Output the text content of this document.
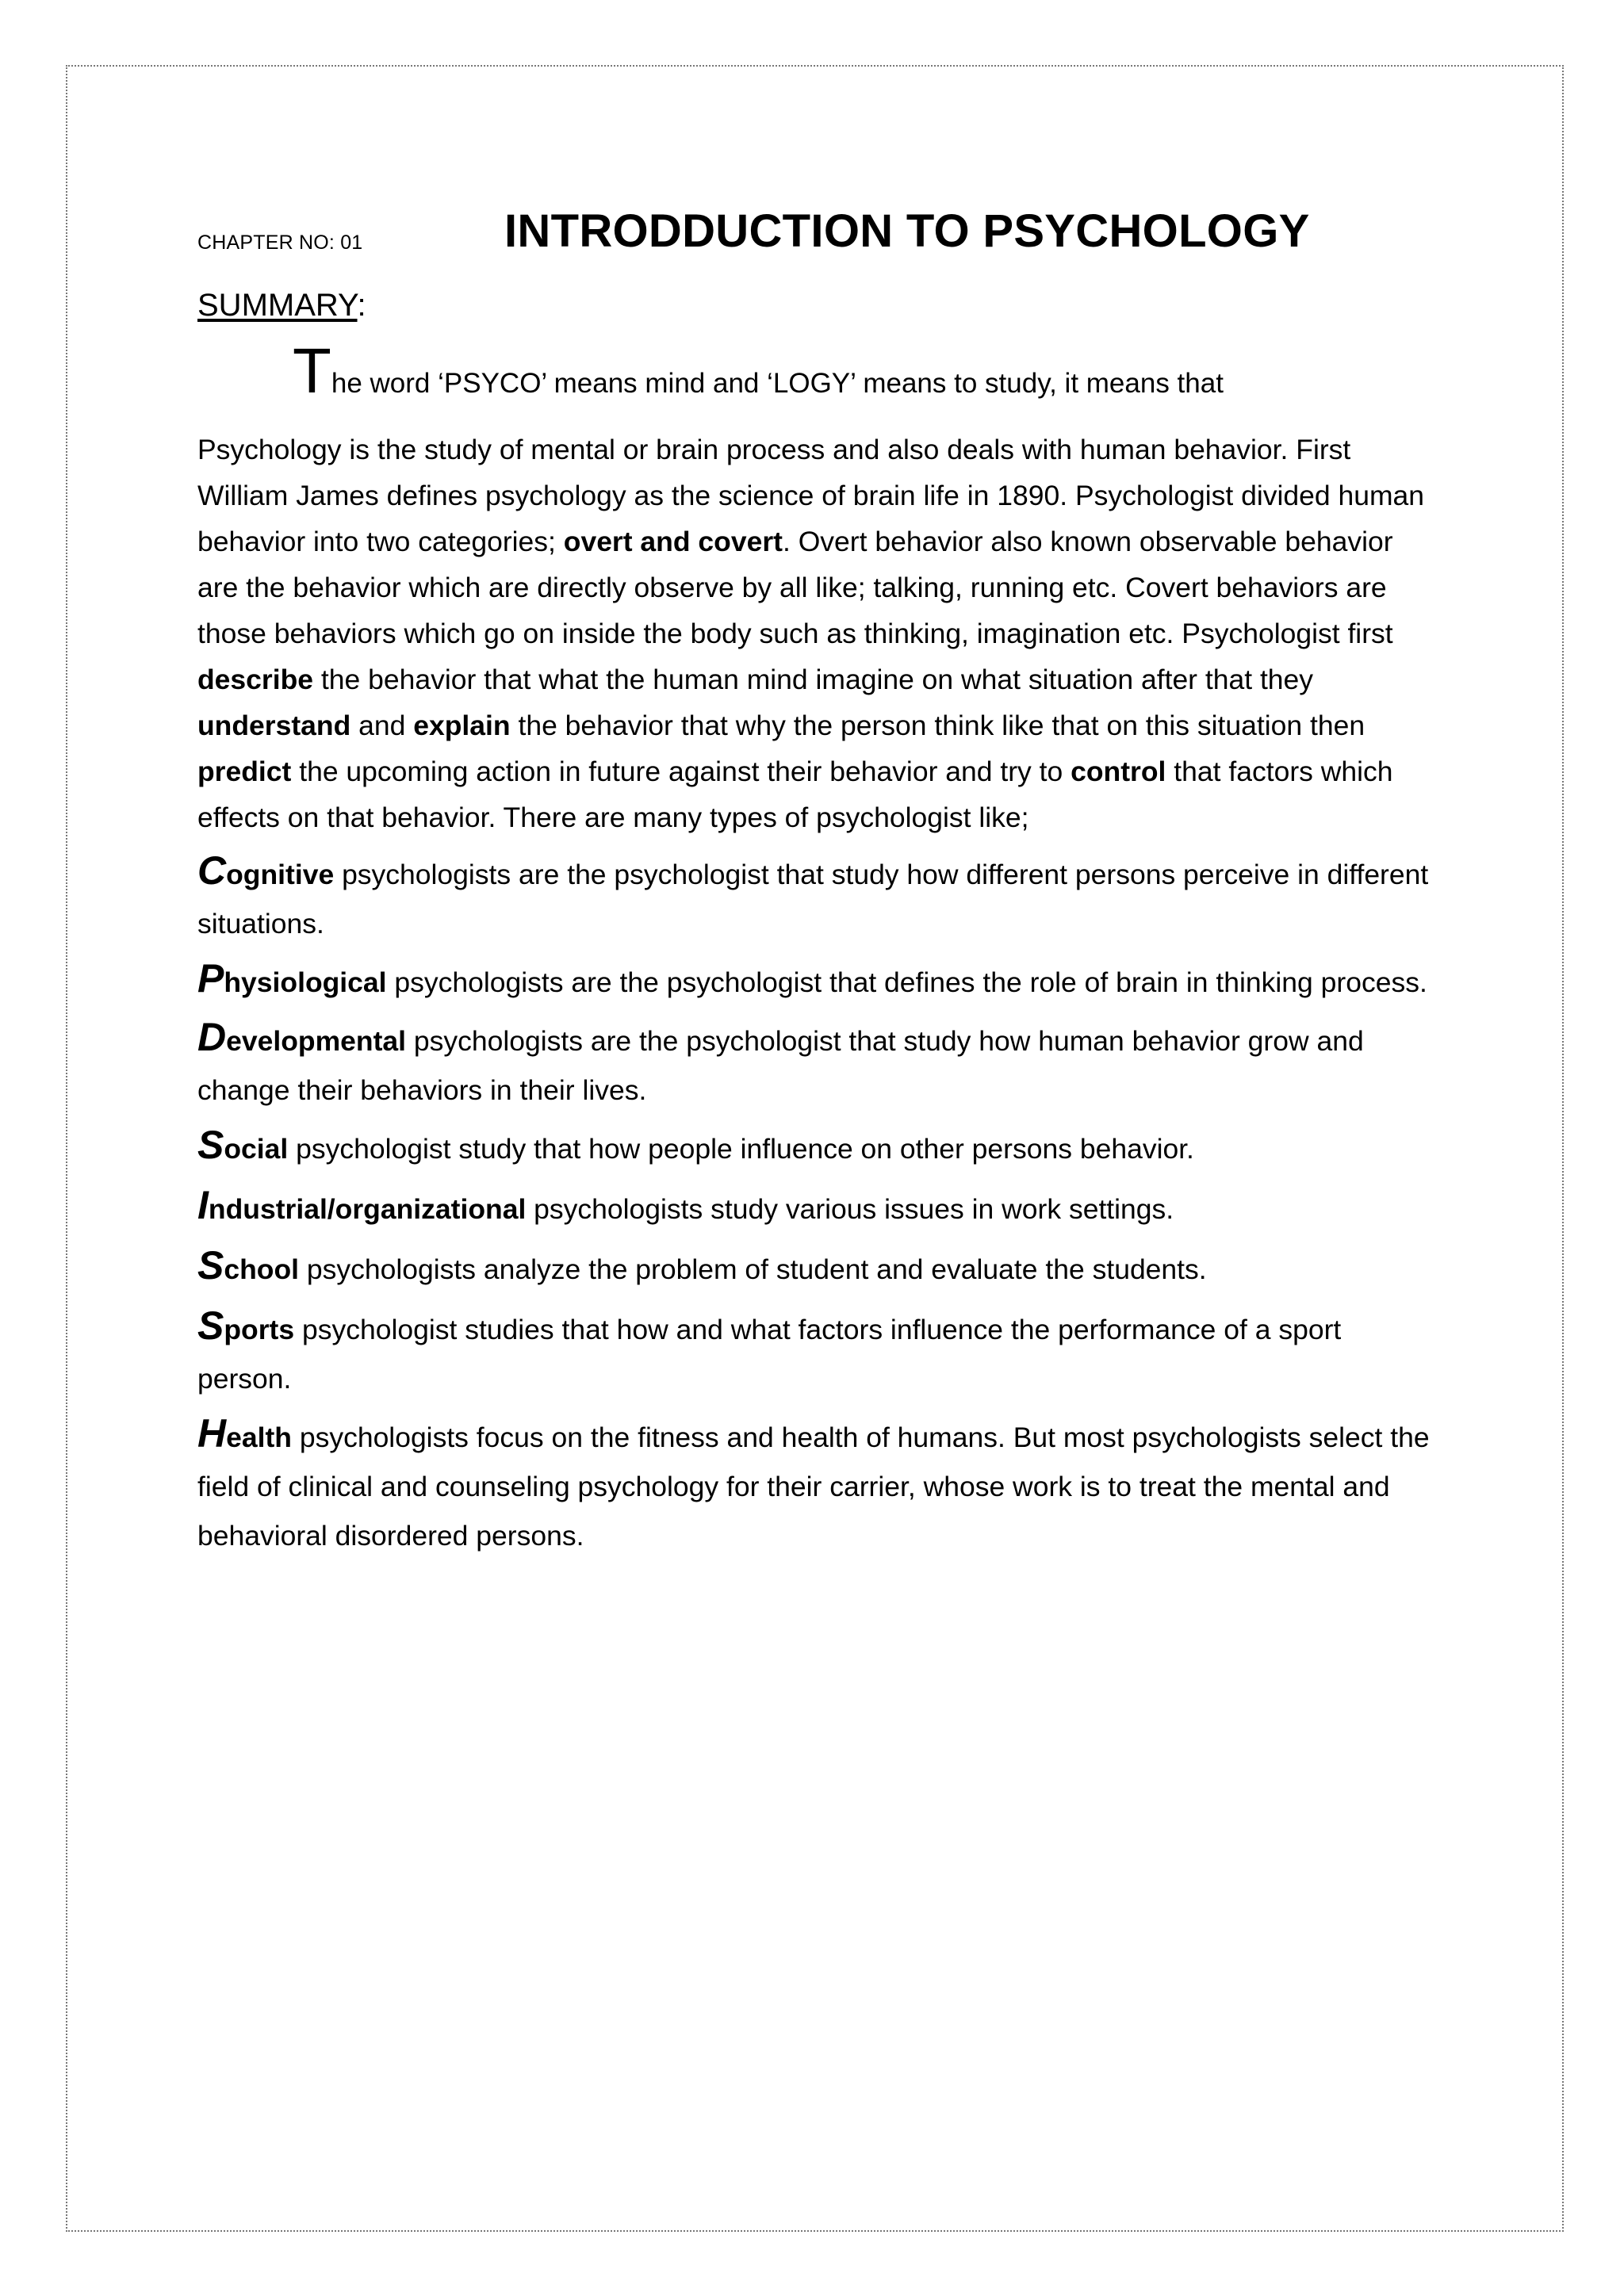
CHAPTER NO: 01	INTRODDUCTION TO PSYCHOLOGY
SUMMARY:
The word ‘PSYCO’ means mind and ‘LOGY’ means to study, it means that
Psychology is the study of mental or brain process and also deals with human behavior. First William James defines psychology as the science of brain life in 1890. Psychologist divided human behavior into two categories; overt and covert. Overt behavior also known observable behavior are the behavior which are directly observe by all like; talking, running etc. Covert behaviors are those behaviors which go on inside the body such as thinking, imagination etc. Psychologist first describe the behavior that what the human mind imagine on what situation after that they understand and explain the behavior that why the person think like that on this situation then predict the upcoming action in future against their behavior and try to control that factors which effects on that behavior. There are many types of psychologist like;
Cognitive psychologists are the psychologist that study how different persons perceive in different situations.
Physiological psychologists are the psychologist that defines the role of brain in thinking process.
Developmental psychologists are the psychologist that study how human behavior grow and change their behaviors in their lives.
Social psychologist study that how people influence on other persons behavior.
Industrial/organizational psychologists study various issues in work settings.
School psychologists analyze the problem of student and evaluate the students.
Sports psychologist studies that how and what factors influence the performance of a sport person.
Health psychologists focus on the fitness and health of humans. But most psychologists select the field of clinical and counseling psychology for their carrier, whose work is to treat the mental and behavioral disordered persons.
